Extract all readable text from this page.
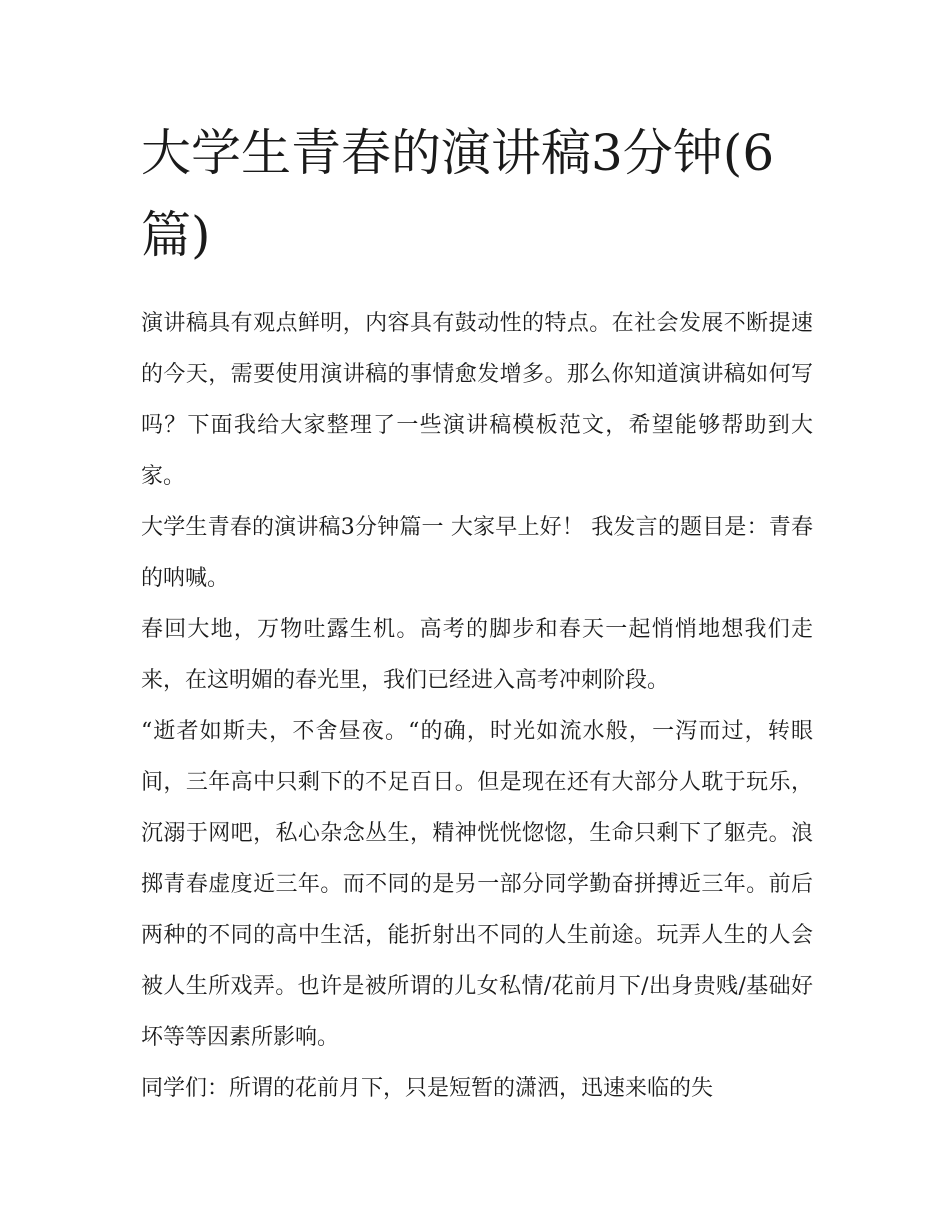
大学生青春的演讲稿3分钟(6篇)

演讲稿具有观点鲜明，内容具有鼓动性的特点。在社会发展不断提速的今天，需要使用演讲稿的事情愈发增多。那么你知道演讲稿如何写吗？下面我给大家整理了一些演讲稿模板范文，希望能够帮助到大家。

大学生青春的演讲稿3分钟篇一 大家早上好！ 我发言的题目是：青春的呐喊。

春回大地，万物吐露生机。高考的脚步和春天一起悄悄地想我们走来，在这明媚的春光里，我们已经进入高考冲刺阶段。

“逝者如斯夫，不舍昼夜。“的确，时光如流水般，一泻而过，转眼间，三年高中只剩下的不足百日。但是现在还有大部分人耽于玩乐，沉溺于网吧，私心杂念丛生，精神恍恍惚惚，生命只剩下了躯壳。浪掷青春虚度近三年。而不同的是另一部分同学勤奋拼搏近三年。前后两种的不同的高中生活，能折射出不同的人生前途。玩弄人生的人会被人生所戏弄。也许是被所谓的儿女私情/花前月下/出身贵贱/基础好坏等等因素所影响。

同学们：所谓的花前月下，只是短暂的潇洒，迅速来临的失
